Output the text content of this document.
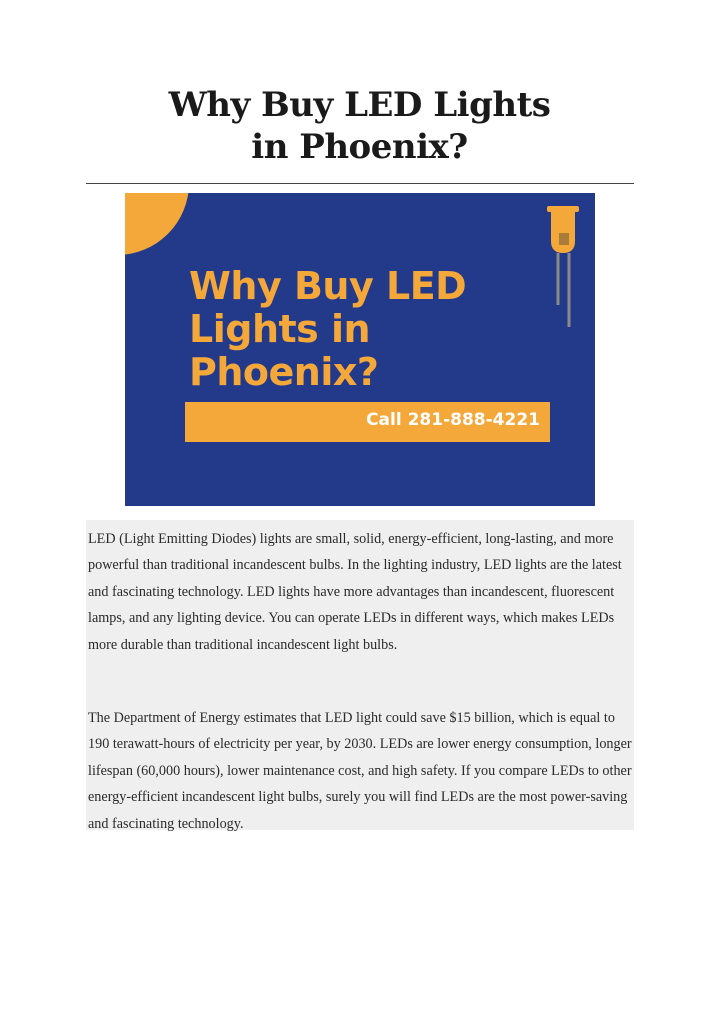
Why Buy LED Lights
in Phoenix?
Why Buy LED
Lights in
Phoenix?
Call 281-888-4221

LED (Light Emitting Diodes) lights are small, solid, energy-efficient, long-lasting, and more powerful than traditional incandescent bulbs. In the lighting industry, LED lights are the latest and fascinating technology. LED lights have more advantages than incandescent, fluorescent lamps, and any lighting device. You can operate LEDs in different ways, which makes LEDs more durable than traditional incandescent light bulbs.

The Department of Energy estimates that LED light could save $15 billion, which is equal to 190 terawatt-hours of electricity per year, by 2030. LEDs are lower energy consumption, longer lifespan (60,000 hours), lower maintenance cost, and high safety. If you compare LEDs to other energy-efficient incandescent light bulbs, surely you will find LEDs are the most power-saving and fascinating technology.
